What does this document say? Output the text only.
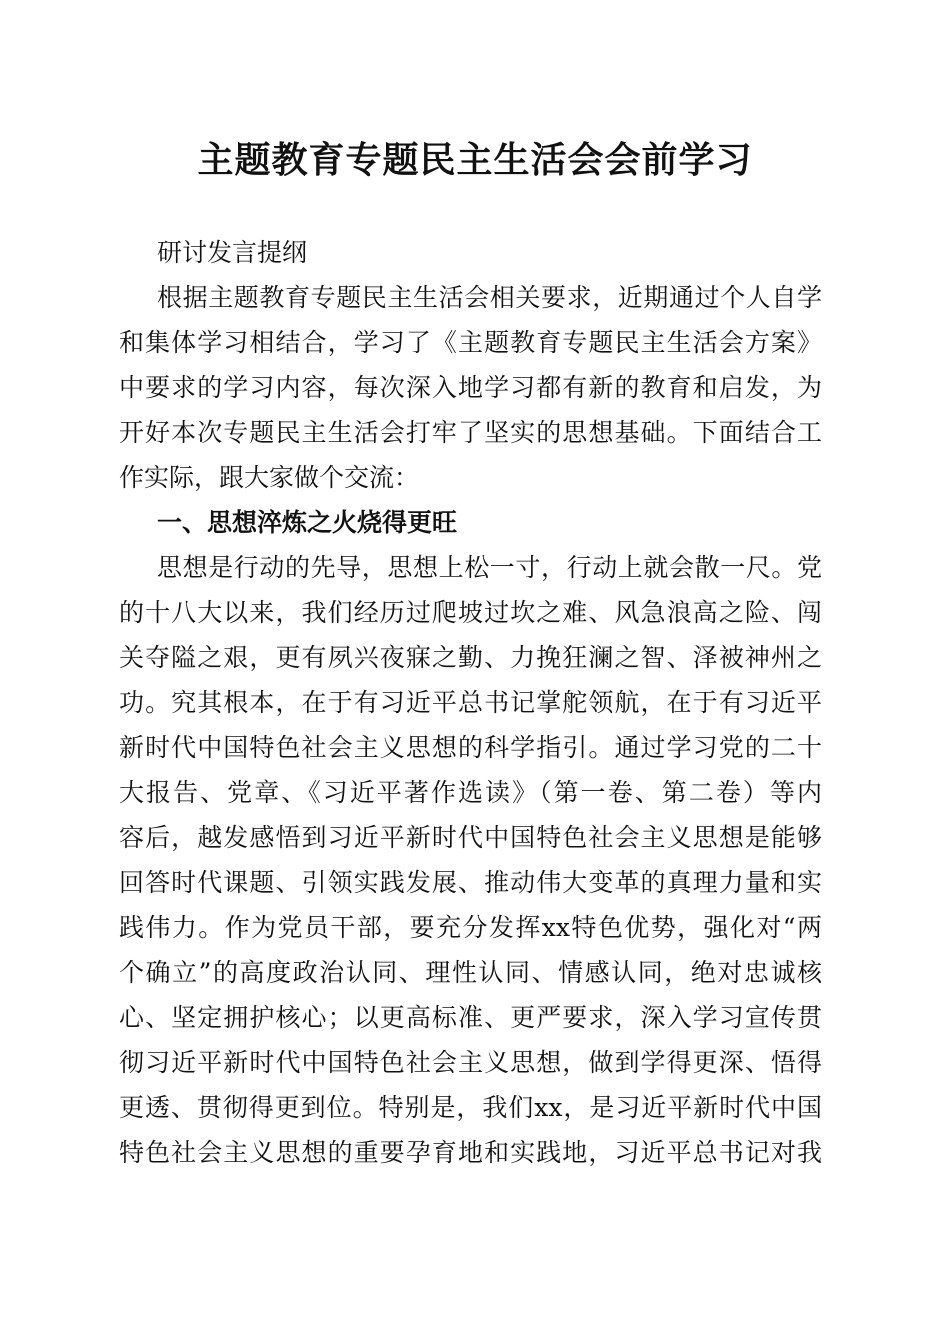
主题教育专题民主生活会会前学习
研讨发言提纲
根据主题教育专题民主生活会相关要求，近期通过个人自学
和集体学习相结合，学习了《主题教育专题民主生活会方案》
中要求的学习内容，每次深入地学习都有新的教育和启发，为
开好本次专题民主生活会打牢了坚实的思想基础。下面结合工
作实际，跟大家做个交流：
一、思想淬炼之火烧得更旺
思想是行动的先导，思想上松一寸，行动上就会散一尺。党
的十八大以来，我们经历过爬坡过坎之难、风急浪高之险、闯
关夺隘之艰，更有夙兴夜寐之勤、力挽狂澜之智、泽被神州之
功。究其根本，在于有习近平总书记掌舵领航，在于有习近平
新时代中国特色社会主义思想的科学指引。通过学习党的二十
大报告、党章、《习近平著作选读》（第一卷、第二卷）等内
容后，越发感悟到习近平新时代中国特色社会主义思想是能够
回答时代课题、引领实践发展、推动伟大变革的真理力量和实
践伟力。作为党员干部，要充分发挥xx特色优势，强化对“两
个确立”的高度政治认同、理性认同、情感认同，绝对忠诚核
心、坚定拥护核心；以更高标准、更严要求，深入学习宣传贯
彻习近平新时代中国特色社会主义思想，做到学得更深、悟得
更透、贯彻得更到位。特别是，我们xx，是习近平新时代中国
特色社会主义思想的重要孕育地和实践地，习近平总书记对我
